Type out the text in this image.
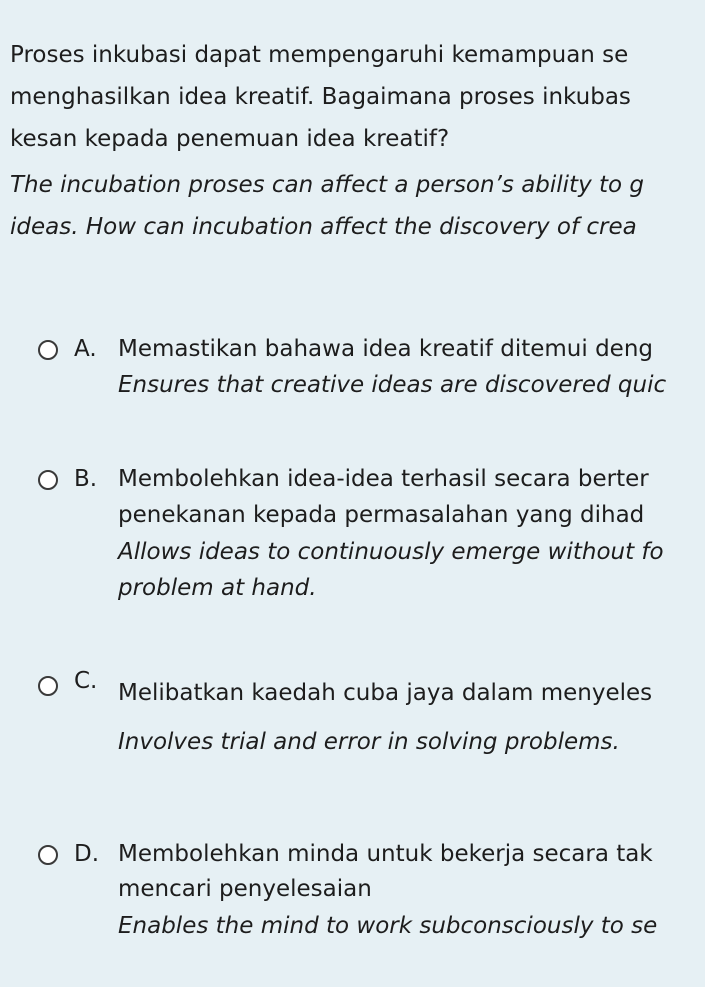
Proses inkubasi dapat mempengaruhi kemampuan se
menghasilkan idea kreatif. Bagaimana proses inkubas
kesan kepada penemuan idea kreatif?
The incubation proses can affect a person’s ability to g
ideas. How can incubation affect the discovery of crea
A. Memastikan bahawa idea kreatif ditemui deng
Ensures that creative ideas are discovered quic
B. Membolehkan idea-idea terhasil secara berter
penekanan kepada permasalahan yang dihad
Allows ideas to continuously emerge without fo
problem at hand.
C. Melibatkan kaedah cuba jaya dalam menyeles
Involves trial and error in solving problems.
D. Membolehkan minda untuk bekerja secara tak
mencari penyelesaian
Enables the mind to work subconsciously to se
